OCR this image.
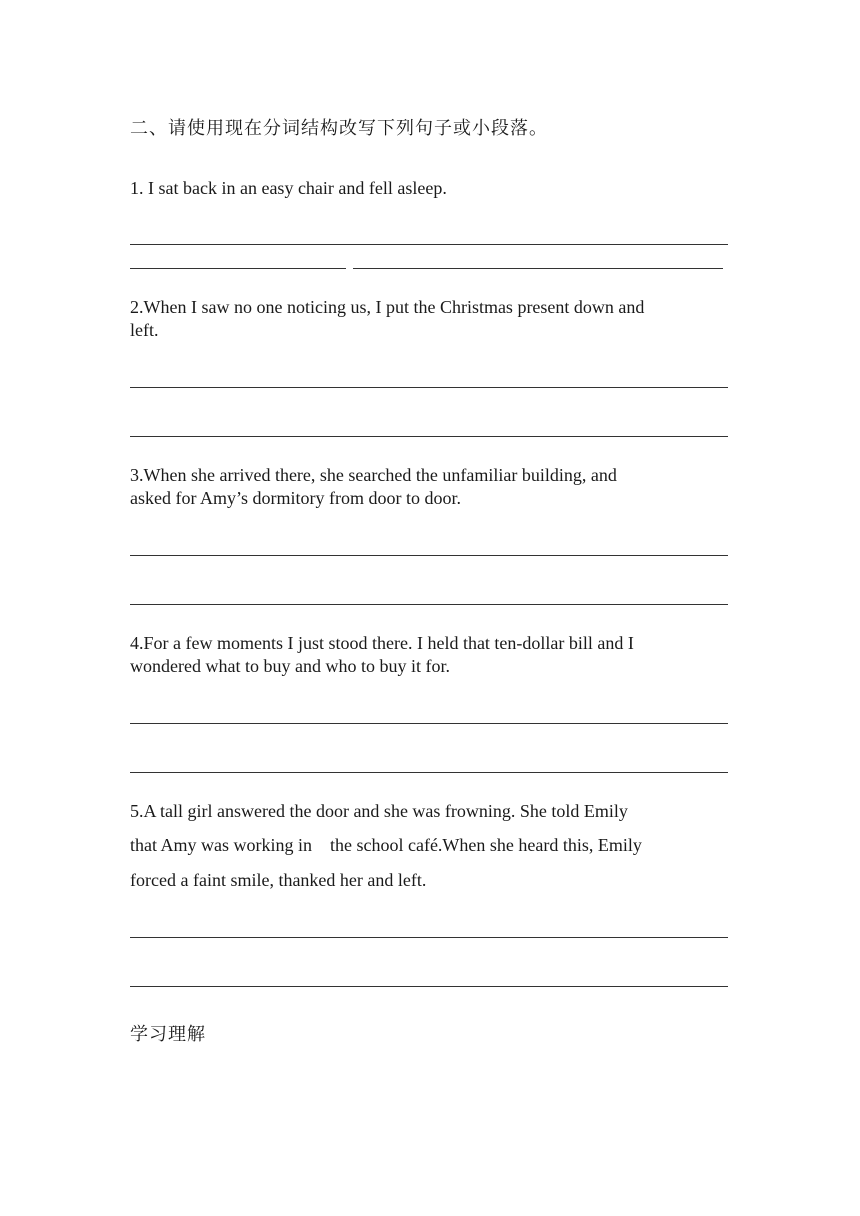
二、请使用现在分词结构改写下列句子或小段落。
1. I sat back in an easy chair and fell asleep.
2.When I saw no one noticing us, I put the Christmas present down and
left.
3.When she arrived there, she searched the unfamiliar building, and
asked for Amy’s dormitory from door to door.
4.For a few moments I just stood there. I held that ten-dollar bill and I
wondered what to buy and who to buy it for.
5.A tall girl answered the door and she was frowning. She told Emily
that Amy was working in　the school café.When she heard this, Emily
forced a faint smile, thanked her and left.
学习理解
